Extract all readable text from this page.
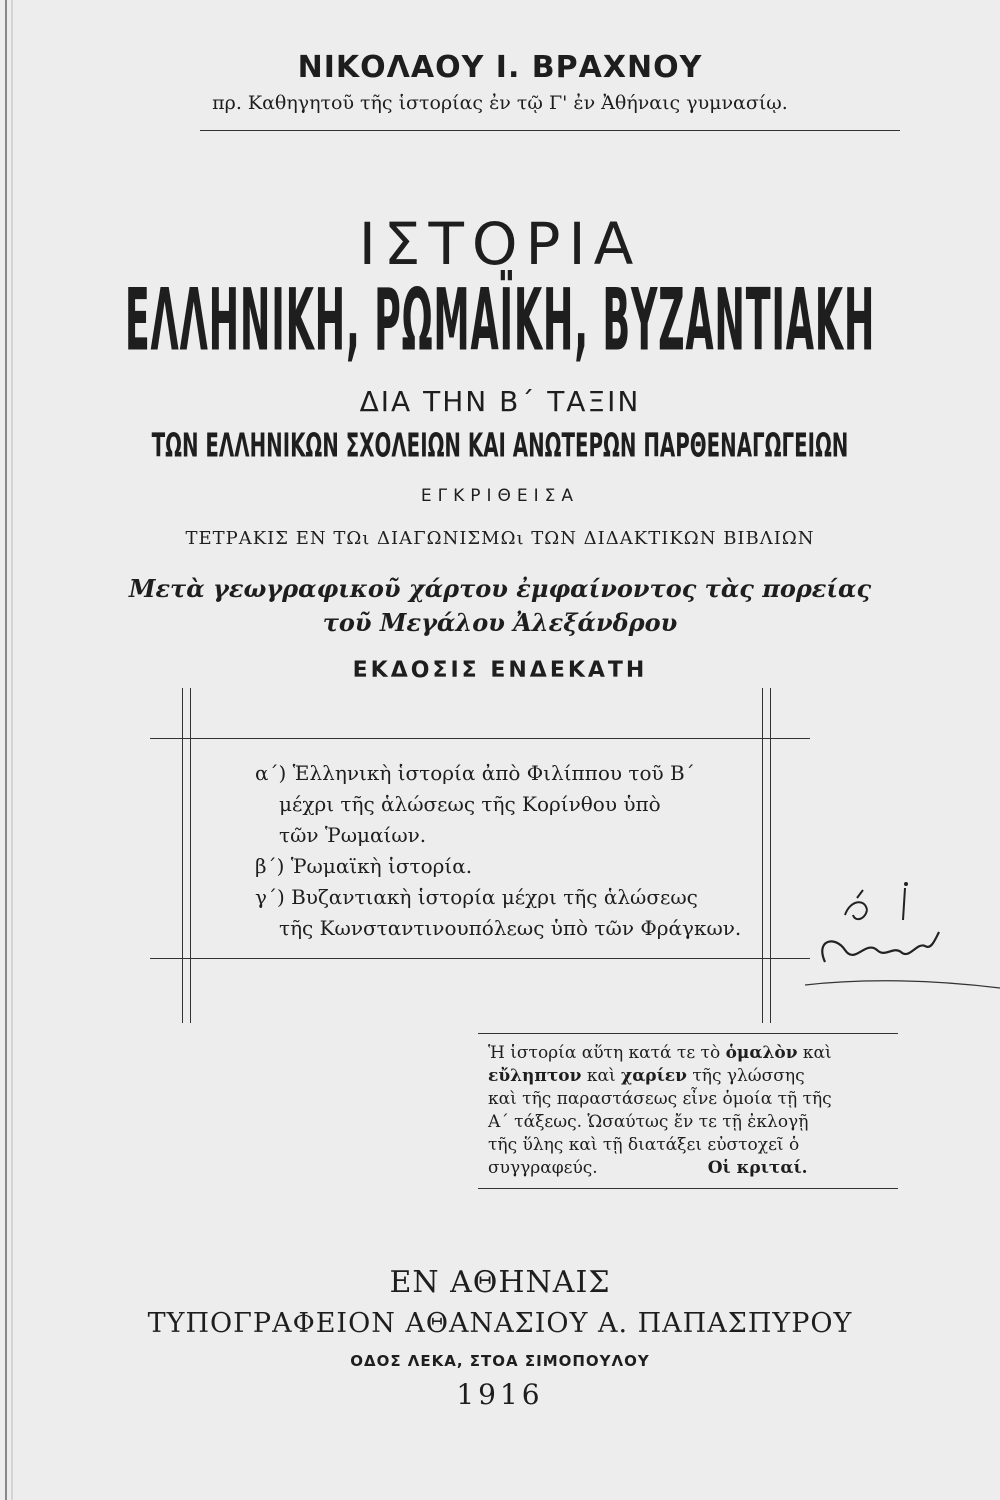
ΝΙΚΟΛΑΟΥ Ι. ΒΡΑΧΝΟΥ
πρ. Καθηγητοῦ τῆς ἱστορίας ἐν τῷ Γ' ἐν Ἀθήναις γυμνασίῳ.
ΙΣΤΟΡΙΑ
ΕΛΛΗΝΙΚΗ, ΡΩΜΑΪΚΗ, ΒΥΖΑΝΤΙΑΚΗ
ΔΙΑ ΤΗΝ Β΄ ΤΑΞΙΝ
ΤΩΝ ΕΛΛΗΝΙΚΩΝ ΣΧΟΛΕΙΩΝ ΚΑΙ ΑΝΩΤΕΡΩΝ ΠΑΡΘΕΝΑΓΩΓΕΙΩΝ
ΕΓΚΡΙΘΕΙΣΑ
ΤΕΤΡΑΚΙΣ ΕΝ ΤΩι ΔΙΑΓΩΝΙΣΜΩι ΤΩΝ ΔΙΔΑΚΤΙΚΩΝ ΒΙΒΛΙΩΝ
Μετὰ γεωγραφικοῦ χάρτου ἐμφαίνοντος τὰς πορείας
τοῦ Μεγάλου Ἀλεξάνδρου
ΕΚΔΟΣΙΣ ΕΝΔΕΚΑΤΗ
α΄) Ἑλληνικὴ ἱστορία ἀπὸ Φιλίππου τοῦ Β΄
μέχρι τῆς ἁλώσεως τῆς Κορίνθου ὑπὸ
τῶν Ῥωμαίων.
β΄) Ῥωμαϊκὴ ἱστορία.
γ΄) Βυζαντιακὴ ἱστορία μέχρι τῆς ἁλώσεως
τῆς Κωνσταντινουπόλεως ὑπὸ τῶν Φράγκων.
Ἡ ἱστορία αὕτη κατά τε τὸ ὁμαλὸν καὶ
εὔληπτον καὶ χαρίεν τῆς γλώσσης
καὶ τῆς παραστάσεως εἶνε ὁμοία τῇ τῆς
Α΄ τάξεως. Ὡσαύτως ἔν τε τῇ ἐκλογῇ
τῆς ὕλης καὶ τῇ διατάξει εὐστοχεῖ ὁ
συγγραφεύς.	Οἱ κριταί.
ΕΝ ΑΘΗΝΑΙΣ
ΤΥΠΟΓΡΑΦΕΙΟΝ ΑΘΑΝΑΣΙΟΥ Α. ΠΑΠΑΣΠΥΡΟΥ
ΟΔΟΣ ΛΕΚΑ, ΣΤΟΑ ΣΙΜΟΠΟΥΛΟΥ
1916
